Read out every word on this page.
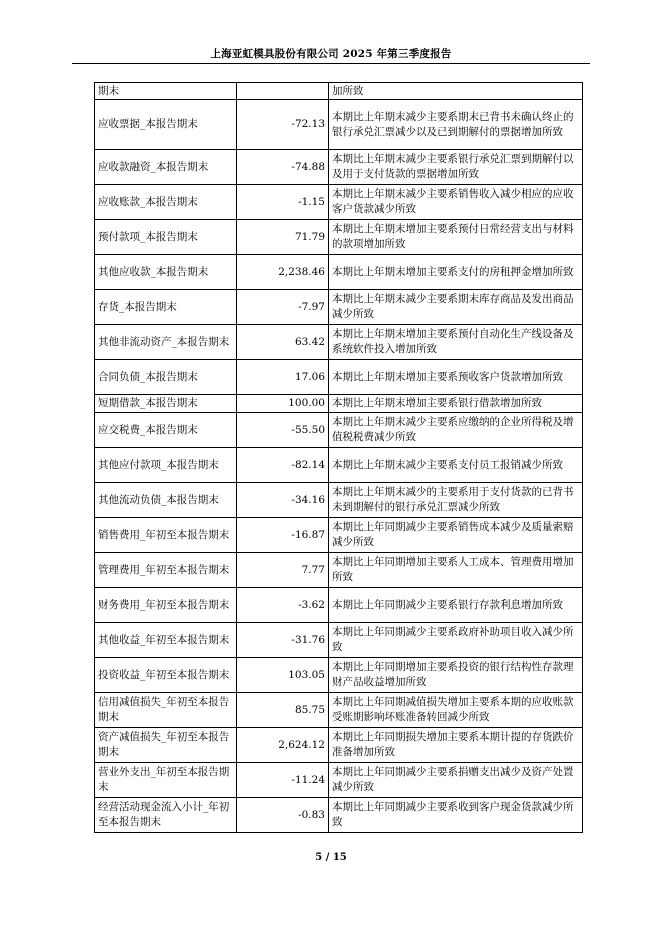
上海亚虹模具股份有限公司 2025 年第三季度报告
期末		加所致
应收票据_本报告期末	-72.13	本期比上年期末减少主要系期末已背书未确认终止的银行承兑汇票减少以及已到期解付的票据增加所致
应收款融资_本报告期末	-74.88	本期比上年期末减少主要系银行承兑汇票到期解付以及用于支付货款的票据增加所致
应收账款_本报告期末	-1.15	本期比上年期末减少主要系销售收入减少相应的应收客户货款减少所致
预付款项_本报告期末	71.79	本期比上年期末增加主要系预付日常经营支出与材料的款项增加所致
其他应收款_本报告期末	2,238.46	本期比上年期末增加主要系支付的房租押金增加所致
存货_本报告期末	-7.97	本期比上年期末减少主要系期末库存商品及发出商品减少所致
其他非流动资产_本报告期末	63.42	本期比上年期末增加主要系预付自动化生产线设备及系统软件投入增加所致
合同负债_本报告期末	17.06	本期比上年期末增加主要系预收客户货款增加所致
短期借款_本报告期末	100.00	本期比上年期末增加主要系银行借款增加所致
应交税费_本报告期末	-55.50	本期比上年期末减少主要系应缴纳的企业所得税及增值税税费减少所致
其他应付款项_本报告期末	-82.14	本期比上年期末减少主要系支付员工报销减少所致
其他流动负债_本报告期末	-34.16	本期比上年期末减少的主要系用于支付货款的已背书未到期解付的银行承兑汇票减少所致
销售费用_年初至本报告期末	-16.87	本期比上年同期减少主要系销售成本减少及质量索赔减少所致
管理费用_年初至本报告期末	7.77	本期比上年同期增加主要系人工成本、管理费用增加所致
财务费用_年初至本报告期末	-3.62	本期比上年同期减少主要系银行存款利息增加所致
其他收益_年初至本报告期末	-31.76	本期比上年同期减少主要系政府补助项目收入减少所致
投资收益_年初至本报告期末	103.05	本期比上年同期增加主要系投资的银行结构性存款理财产品收益增加所致
信用减值损失_年初至本报告期末	85.75	本期比上年同期减值损失增加主要系本期的应收账款受账期影响坏账准备转回减少所致
资产减值损失_年初至本报告期末	2,624.12	本期比上年同期损失增加主要系本期计提的存货跌价准备增加所致
营业外支出_年初至本报告期末	-11.24	本期比上年同期减少主要系捐赠支出减少及资产处置减少所致
经营活动现金流入小计_年初至本报告期末	-0.83	本期比上年同期减少主要系收到客户现金货款减少所致
5 / 15
